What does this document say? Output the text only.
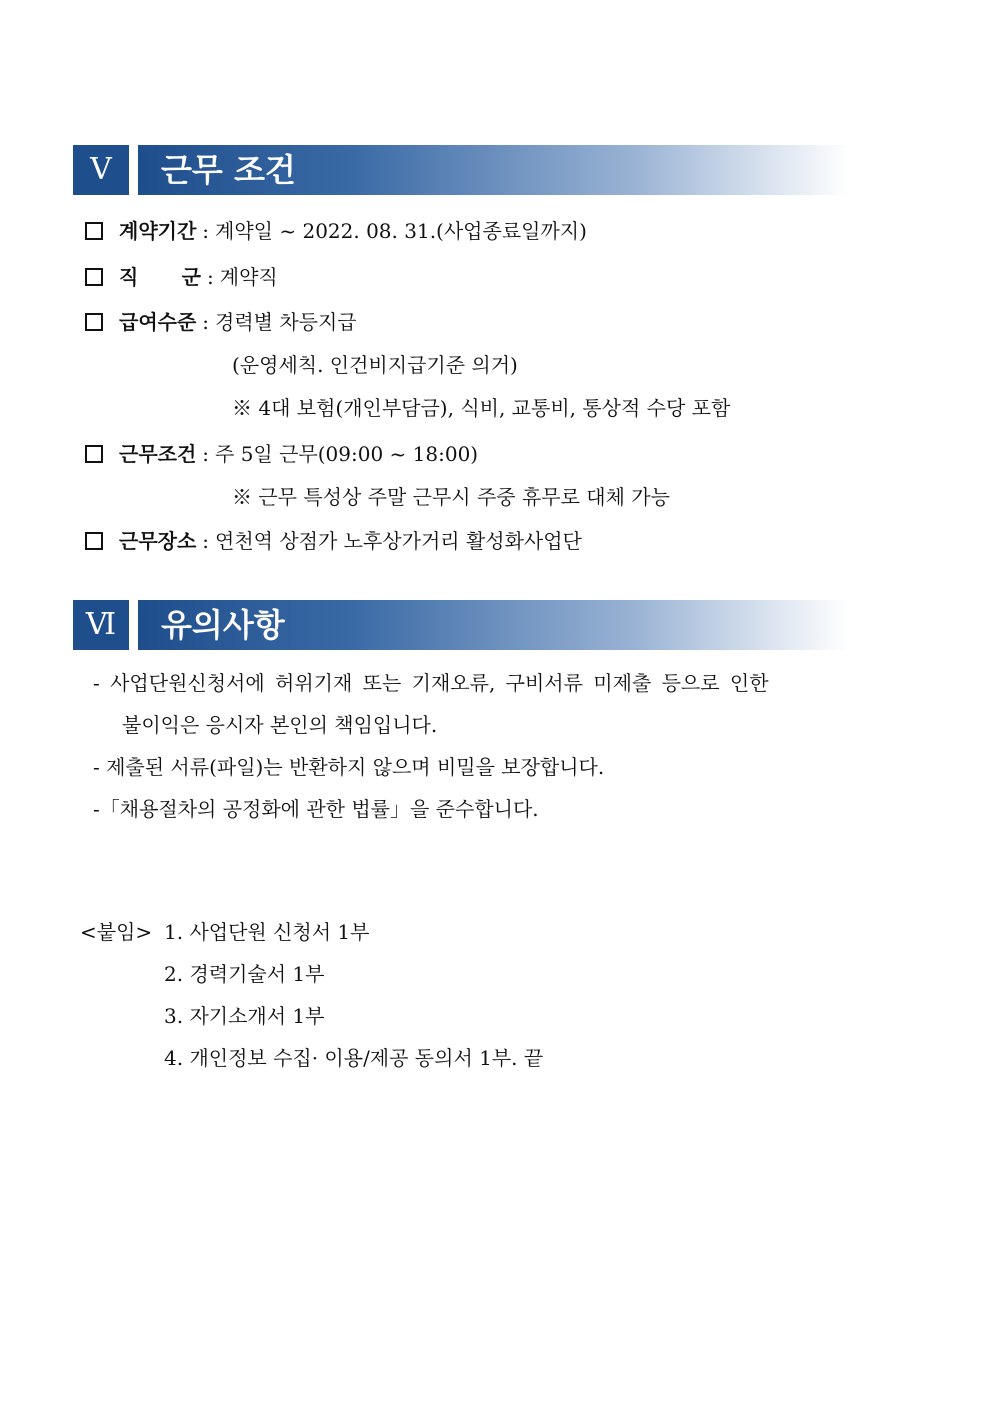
Ⅴ	근무 조건
계약기간 : 계약일 ~ 2022. 08. 31.(사업종료일까지)
직 군 : 계약직
급여수준 : 경력별 차등지급
(운영세칙. 인건비지급기준 의거)
※ 4대 보험(개인부담금), 식비, 교통비, 통상적 수당 포함
근무조건 : 주 5일 근무(09:00 ~ 18:00)
※ 근무 특성상 주말 근무시 주중 휴무로 대체 가능
근무장소 : 연천역 상점가 노후상가거리 활성화사업단
Ⅵ	유의사항
- 사업단원신청서에 허위기재 또는 기재오류, 구비서류 미제출 등으로 인한
불이익은 응시자 본인의 책임입니다.
- 제출된 서류(파일)는 반환하지 않으며 비밀을 보장합니다.
-「채용절차의 공정화에 관한 법률」을 준수합니다.
<붙임> 1. 사업단원 신청서 1부
2. 경력기술서 1부
3. 자기소개서 1부
4. 개인정보 수집· 이용/제공 동의서 1부. 끝
